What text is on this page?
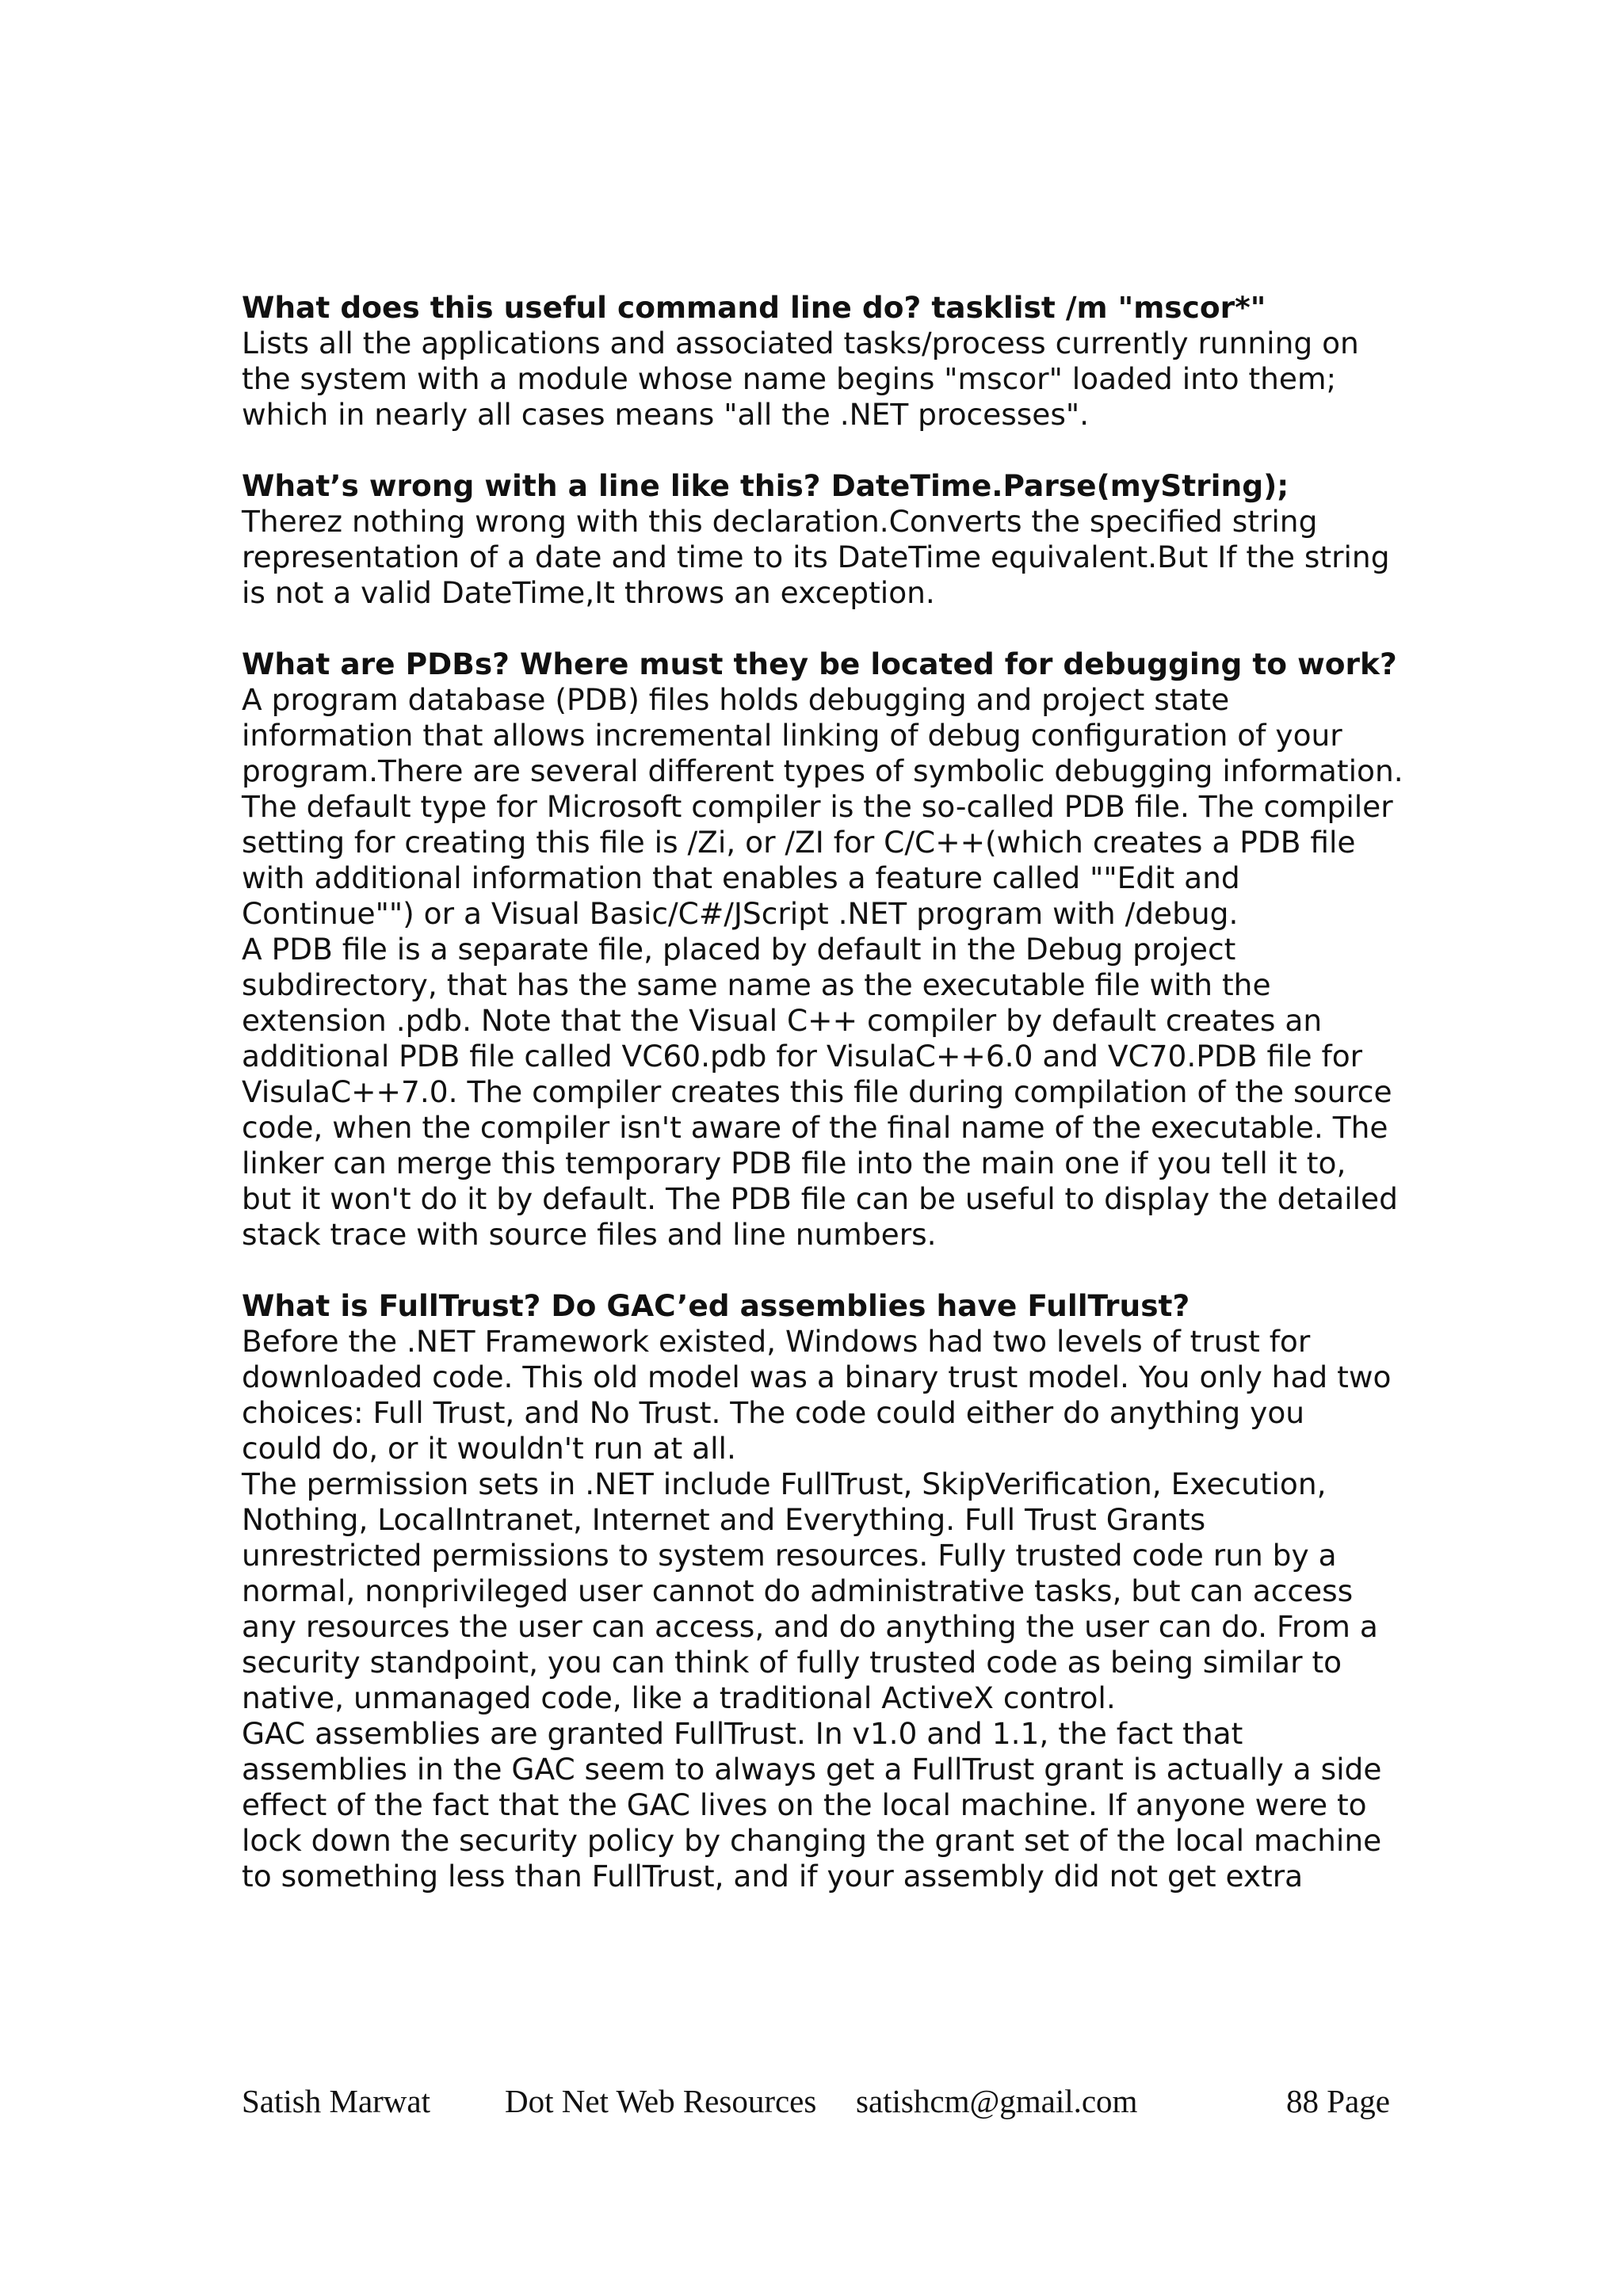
What does this useful command line do? tasklist /m "mscor*"

Lists all the applications and associated tasks/process currently running on
the system with a module whose name begins "mscor" loaded into them;
which in nearly all cases means "all the .NET processes".

What’s wrong with a line like this? DateTime.Parse(myString);

Therez nothing wrong with this declaration.Converts the specified string
representation of a date and time to its DateTime equivalent.But If the string
is not a valid DateTime,It throws an exception.

What are PDBs? Where must they be located for debugging to work?

A program database (PDB) files holds debugging and project state
information that allows incremental linking of debug configuration of your
program.There are several different types of symbolic debugging information.
The default type for Microsoft compiler is the so-called PDB file. The compiler
setting for creating this file is /Zi, or /ZI for C/C++(which creates a PDB file
with additional information that enables a feature called ""Edit and
Continue"") or a Visual Basic/C#/JScript .NET program with /debug.

A PDB file is a separate file, placed by default in the Debug project
subdirectory, that has the same name as the executable file with the
extension .pdb. Note that the Visual C++ compiler by default creates an
additional PDB file called VC60.pdb for VisulaC++6.0 and VC70.PDB file for
VisulaC++7.0. The compiler creates this file during compilation of the source
code, when the compiler isn't aware of the final name of the executable. The
linker can merge this temporary PDB file into the main one if you tell it to,
but it won't do it by default. The PDB file can be useful to display the detailed
stack trace with source files and line numbers.

What is FullTrust? Do GAC’ed assemblies have FullTrust?

Before the .NET Framework existed, Windows had two levels of trust for
downloaded code. This old model was a binary trust model. You only had two
choices: Full Trust, and No Trust. The code could either do anything you
could do, or it wouldn't run at all.

The permission sets in .NET include FullTrust, SkipVerification, Execution,
Nothing, LocalIntranet, Internet and Everything. Full Trust Grants
unrestricted permissions to system resources. Fully trusted code run by a
normal, nonprivileged user cannot do administrative tasks, but can access
any resources the user can access, and do anything the user can do. From a
security standpoint, you can think of fully trusted code as being similar to
native, unmanaged code, like a traditional ActiveX control.
GAC assemblies are granted FullTrust. In v1.0 and 1.1, the fact that
assemblies in the GAC seem to always get a FullTrust grant is actually a side
effect of the fact that the GAC lives on the local machine. If anyone were to
lock down the security policy by changing the grant set of the local machine
to something less than FullTrust, and if your assembly did not get extra

Satish Marwat Dot Net Web Resources satishcm@gmail.com	88 Page
